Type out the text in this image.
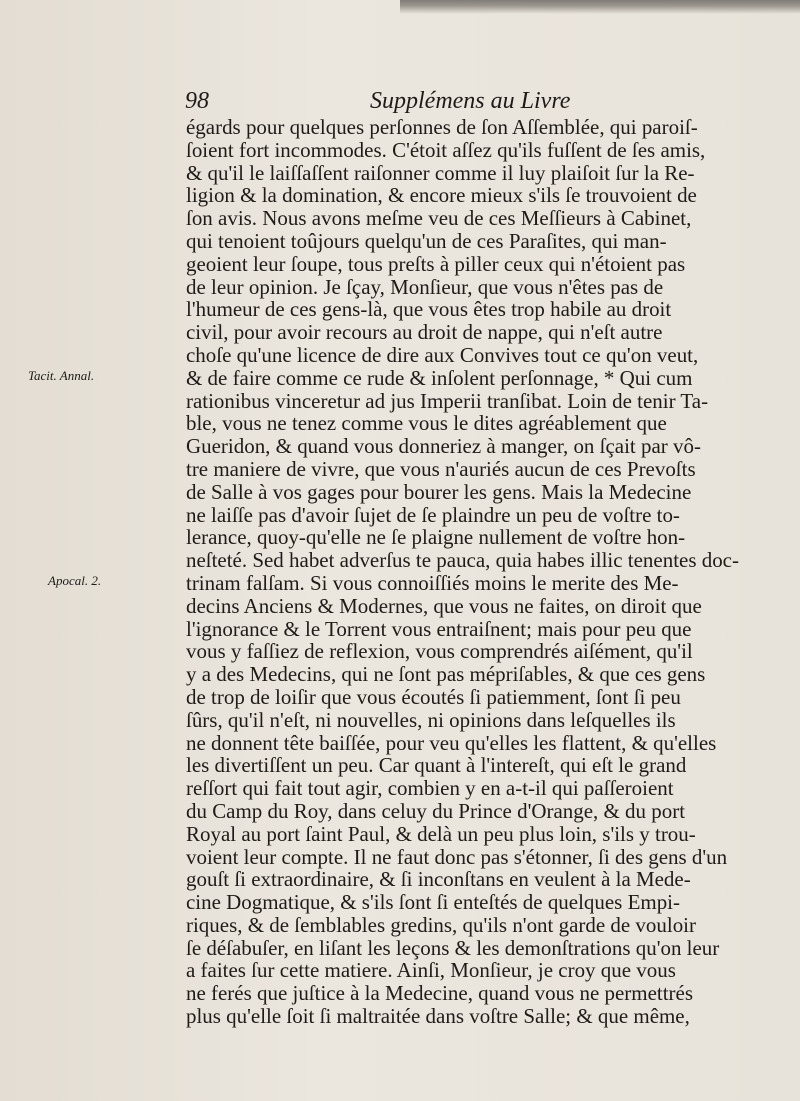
98	Supplémens au Livre
Tacit. Annal.
Apocal. 2.
égards pour quelques perſonnes de ſon Aſſemblée, qui paroiſ-
ſoient fort incommodes. C'étoit aſſez qu'ils fuſſent de ſes amis,
& qu'il le laiſſaſſent raiſonner comme il luy plaiſoit ſur la Re-
ligion & la domination, & encore mieux s'ils ſe trouvoient de
ſon avis. Nous avons meſme veu de ces Meſſieurs à Cabinet,
qui tenoient toûjours quelqu'un de ces Paraſites, qui man-
geoient leur ſoupe, tous preſts à piller ceux qui n'étoient pas
de leur opinion. Je ſçay, Monſieur, que vous n'êtes pas de
l'humeur de ces gens-là, que vous êtes trop habile au droit
civil, pour avoir recours au droit de nappe, qui n'eſt autre
choſe qu'une licence de dire aux Convives tout ce qu'on veut,
& de faire comme ce rude & inſolent perſonnage, * Qui cum
rationibus vinceretur ad jus Imperii tranſibat. Loin de tenir Ta-
ble, vous ne tenez comme vous le dites agréablement que
Gueridon, & quand vous donneriez à manger, on ſçait par vô-
tre maniere de vivre, que vous n'auriés aucun de ces Prevoſts
de Salle à vos gages pour bourer les gens. Mais la Medecine
ne laiſſe pas d'avoir ſujet de ſe plaindre un peu de voſtre to-
lerance, quoy-qu'elle ne ſe plaigne nullement de voſtre hon-
neſteté. Sed habet adverſus te pauca, quia habes illic tenentes doc-
trinam falſam. Si vous connoiſſiés moins le merite des Me-
decins Anciens & Modernes, que vous ne faites, on diroit que
l'ignorance & le Torrent vous entraiſnent; mais pour peu que
vous y faſſiez de reflexion, vous comprendrés aiſément, qu'il
y a des Medecins, qui ne ſont pas mépriſables, & que ces gens
de trop de loiſir que vous écoutés ſi patiemment, ſont ſi peu
ſûrs, qu'il n'eſt, ni nouvelles, ni opinions dans leſquelles ils
ne donnent tête baiſſée, pour veu qu'elles les flattent, & qu'elles
les divertiſſent un peu. Car quant à l'intereſt, qui eſt le grand
reſſort qui fait tout agir, combien y en a-t-il qui paſſeroient
du Camp du Roy, dans celuy du Prince d'Orange, & du port
Royal au port ſaint Paul, & delà un peu plus loin, s'ils y trou-
voient leur compte. Il ne faut donc pas s'étonner, ſi des gens d'un
gouſt ſi extraordinaire, & ſi inconſtans en veulent à la Mede-
cine Dogmatique, & s'ils ſont ſi enteſtés de quelques Empi-
riques, & de ſemblables gredins, qu'ils n'ont garde de vouloir
ſe déſabuſer, en liſant les leçons & les demonſtrations qu'on leur
a faites ſur cette matiere. Ainſi, Monſieur, je croy que vous
ne ferés que juſtice à la Medecine, quand vous ne permettrés
plus qu'elle ſoit ſi maltraitée dans voſtre Salle; & que même,
